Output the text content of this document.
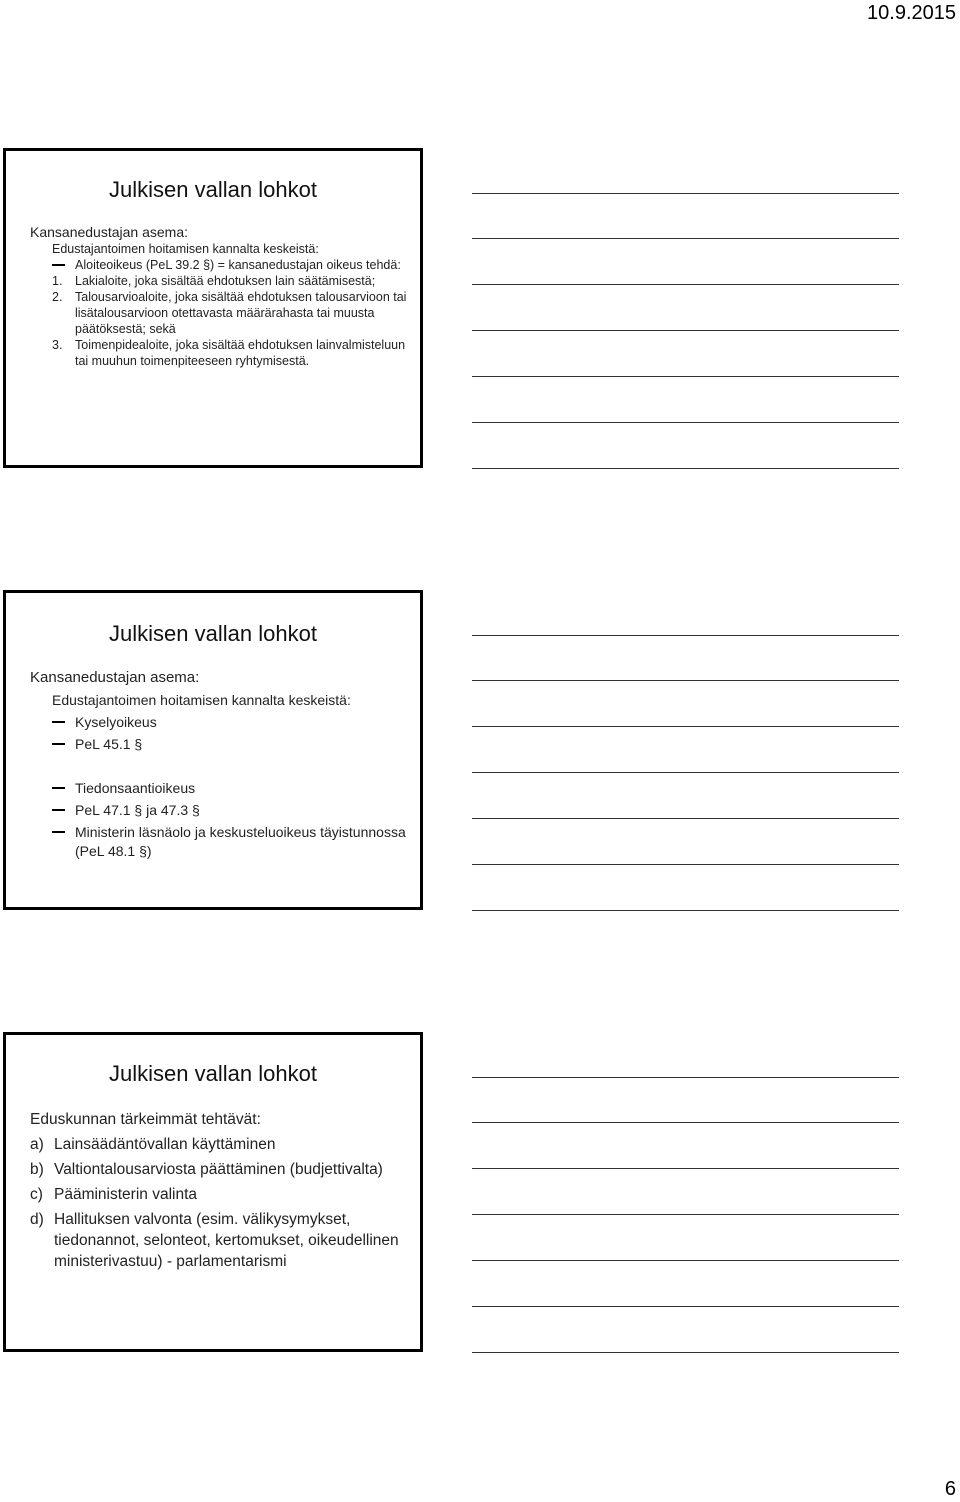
10.9.2015
Julkisen vallan lohkot
Kansanedustajan asema:
Edustajantoimen hoitamisen kannalta keskeistä:
Aloiteoikeus (PeL 39.2 §) = kansanedustajan oikeus tehdä:
1.	Lakialoite, joka sisältää ehdotuksen lain säätämisestä;
2.	Talousarvioaloite, joka sisältää ehdotuksen talousarvioon tai lisätalousarvioon otettavasta määrärahasta tai muusta päätöksestä; sekä
3.	Toimenpidealoite, joka sisältää ehdotuksen lainvalmisteluun tai muuhun toimenpiteeseen ryhtymisestä.
Julkisen vallan lohkot
Kansanedustajan asema:
Edustajantoimen hoitamisen kannalta keskeistä:
Kyselyoikeus
PeL 45.1 §
Tiedonsaantioikeus
PeL 47.1 § ja 47.3 §
Ministerin läsnäolo ja keskusteluoikeus täyistunnossa (PeL 48.1 §)
Julkisen vallan lohkot
Eduskunnan tärkeimmät tehtävät:
a) Lainsäädäntövallan käyttäminen
b) Valtiontalousarviosta päättäminen (budjettivalta)
c) Pääministerin valinta
d) Hallituksen valvonta (esim. välikysymykset, tiedonannot, selonteot, kertomukset, oikeudellinen ministerivastuu) - parlamentarismi
6
